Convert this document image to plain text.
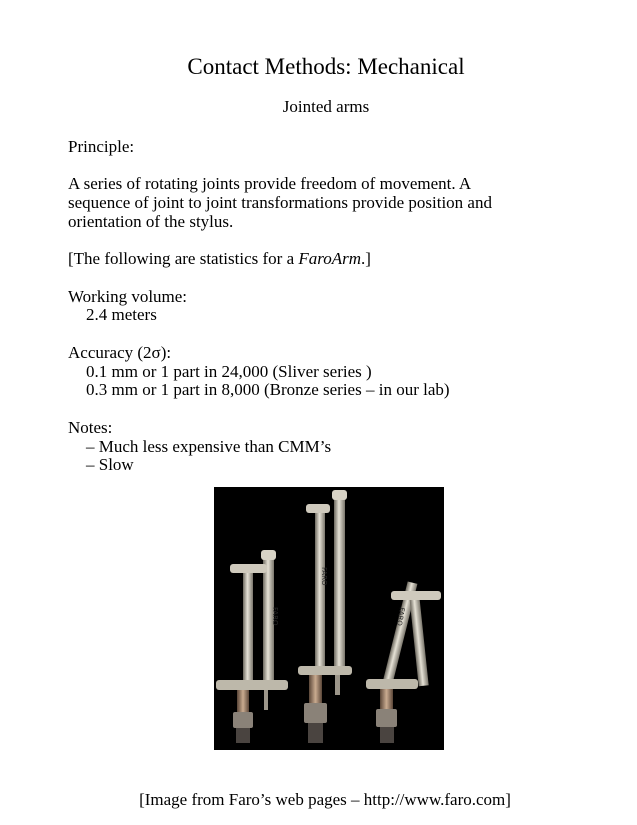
Contact Methods: Mechanical
Jointed arms
Principle:
A series of rotating joints provide freedom of movement. A
sequence of joint to joint transformations provide position and
orientation of the stylus.
[The following are statistics for a FaroArm.]
Working volume:
2.4 meters
Accuracy (2σ):
0.1 mm or 1 part in 24,000 (Sliver series )
0.3 mm or 1 part in 8,000 (Bronze series – in our lab)
Notes:
– Much less expensive than CMM’s
– Slow
FARO
FARO
FARO
[Image from Faro’s web pages – http://www.faro.com]
